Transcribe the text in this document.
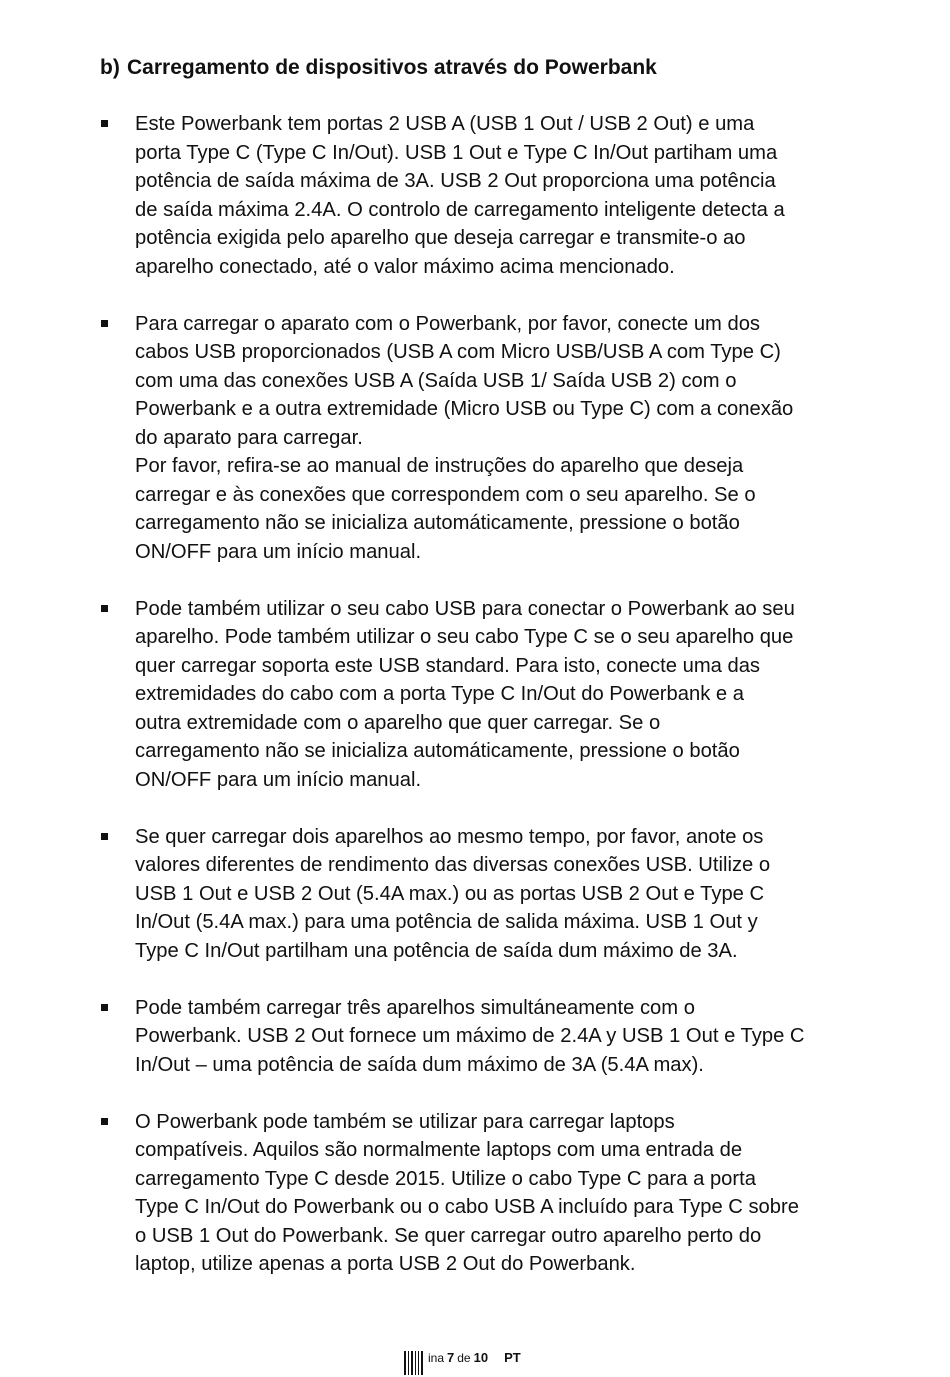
b) Carregamento de dispositivos através do Powerbank
Este Powerbank tem portas 2 USB A (USB 1 Out / USB 2 Out) e uma
porta Type C (Type C In/Out). USB 1 Out e Type C In/Out partiham uma
potência de saída máxima de 3A. USB 2 Out proporciona uma potência
de saída máxima 2.4A. O controlo de carregamento inteligente detecta a
potência exigida pelo aparelho que deseja carregar e transmite-o ao
aparelho conectado, até o valor máximo acima mencionado.
Para carregar o aparato com o Powerbank, por favor, conecte um dos
cabos USB proporcionados (USB A com Micro USB/USB A com Type C)
com uma das conexões USB A (Saída USB 1/ Saída USB 2) com o
Powerbank e a outra extremidade (Micro USB ou Type C) com a conexão
do aparato para carregar.
Por favor, refira-se ao manual de instruções do aparelho que deseja
carregar e às conexões que correspondem com o seu aparelho. Se o
carregamento não se inicializa automáticamente, pressione o botão
ON/OFF para um início manual.
Pode também utilizar o seu cabo USB para conectar o Powerbank ao seu
aparelho. Pode também utilizar o seu cabo Type C se o seu aparelho que
quer carregar soporta este USB standard. Para isto, conecte uma das
extremidades do cabo com a porta Type C In/Out do Powerbank e a
outra extremidade com o aparelho que quer carregar. Se o
carregamento não se inicializa automáticamente, pressione o botão
ON/OFF para um início manual.
Se quer carregar dois aparelhos ao mesmo tempo, por favor, anote os
valores diferentes de rendimento das diversas conexões USB. Utilize o
USB 1 Out e USB 2 Out (5.4A max.) ou as portas USB 2 Out e Type C
In/Out (5.4A max.) para uma potência de salida máxima. USB 1 Out y
Type C In/Out partilham una potência de saída dum máximo de 3A.
Pode também carregar três aparelhos simultáneamente com o
Powerbank. USB 2 Out fornece um máximo de 2.4A y USB 1 Out e Type C
In/Out – uma potência de saída dum máximo de 3A (5.4A max).
O Powerbank pode também se utilizar para carregar laptops
compatíveis. Aquilos são normalmente laptops com uma entrada de
carregamento Type C desde 2015. Utilize o cabo Type C para a porta
Type C In/Out do Powerbank ou o cabo USB A incluído para Type C sobre
o USB 1 Out do Powerbank. Se quer carregar outro aparelho perto do
laptop, utilize apenas a porta USB 2 Out do Powerbank.
ina 7 de 10 PT
